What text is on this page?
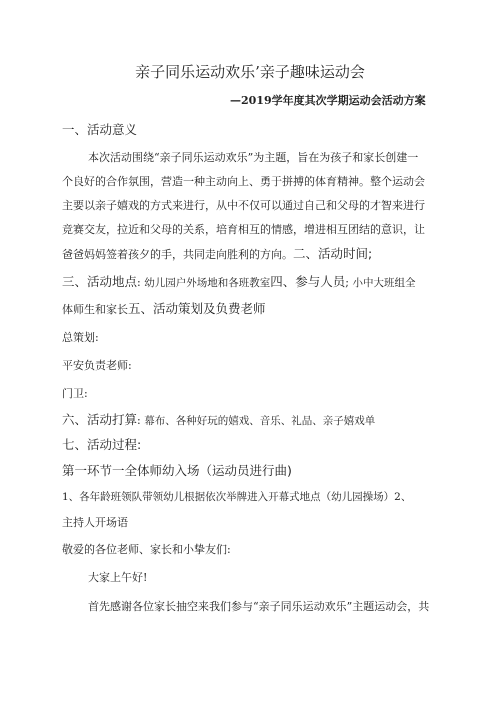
亲子同乐运动欢乐’亲子趣味运动会
—2019学年度其次学期运动会活动方案
一、活动意义
本次活动围绕“亲子同乐运动欢乐”为主题，旨在为孩子和家长创建一
个良好的合作氛围，营造一种主动向上、勇于拼搏的体育精神。整个运动会
主要以亲子嬉戏的方式来进行，从中不仅可以通过自己和父母的才智来进行
竞赛交友，拉近和父母的关系，培育相互的情感，增进相互团结的意识，让
爸爸妈妈签着孩夕的手，共同走向胜利的方向。二、活动时间;
三、活动地点: 幼儿园户外场地和各班教室四、参与人员; 小中大班组全
体师生和家长五、活动策划及负费老师
总策划:
平安负责老师:
门卫:
六、活动打算: 幕布、各种好玩的嬉戏、音乐、礼品、亲子嬉戏单
七、活动过程:
第一环节一全体师幼入场（运动员进行曲)
1、各年龄班领队带领幼儿根据依次举牌进入开幕式地点（幼儿园操场）2、
主持人开场语
敬爱的各位老师、家长和小挚友们:
大家上午好!
首先感谢各位家长抽空来我们参与“亲子同乐运动欢乐”主题运动会，共
